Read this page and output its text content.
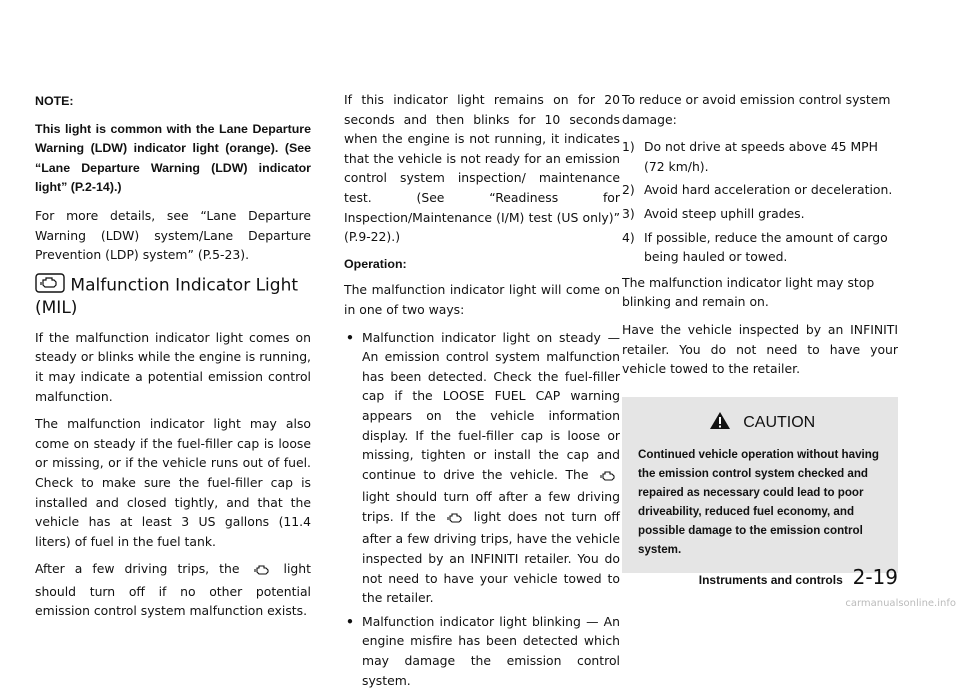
NOTE:

This light is common with the Lane Departure Warning (LDW) indicator light (orange). (See “Lane Departure Warning (LDW) indicator light” (P.2-14).)

For more details, see “Lane Departure Warning (LDW) system/Lane Departure Prevention (LDP) system” (P.5-23).

Malfunction Indicator Light (MIL)

If the malfunction indicator light comes on steady or blinks while the engine is running, it may indicate a potential emission control malfunction.

The malfunction indicator light may also come on steady if the fuel-filler cap is loose or missing, or if the vehicle runs out of fuel. Check to make sure the fuel-filler cap is installed and closed tightly, and that the vehicle has at least 3 US gallons (11.4 liters) of fuel in the fuel tank.

After a few driving trips, the	light should turn off if no other potential emission control system malfunction exists.

If this indicator light remains on for 20 seconds and then blinks for 10 seconds when the engine is not running, it indicates that the vehicle is not ready for an emission control system inspection/ maintenance test. (See “Readiness for Inspection/Maintenance (I/M) test (US only)” (P.9-22).)

Operation:

The malfunction indicator light will come on in one of two ways:

• Malfunction indicator light on steady — An emission control system malfunction has been detected. Check the fuel-filler cap if the LOOSE FUEL CAP warning appears on the vehicle information display. If the fuel-filler cap is loose or missing, tighten or install the cap and continue to drive the vehicle. The  light should turn off after a few driving trips. If the	light does not turn off after a few driving trips, have the vehicle inspected by an INFINITI retailer. You do not need to have your vehicle towed to the retailer.
• Malfunction indicator light blinking — An engine misfire has been detected which may damage the emission control system.

To reduce or avoid emission control system damage:

1) Do not drive at speeds above 45 MPH (72 km/h).
2) Avoid hard acceleration or deceleration.
3) Avoid steep uphill grades.
4) If possible, reduce the amount of cargo being hauled or towed.

The malfunction indicator light may stop blinking and remain on.

Have the vehicle inspected by an INFINITI retailer. You do not need to have your vehicle towed to the retailer.

CAUTION
Continued vehicle operation without having the emission control system checked and repaired as necessary could lead to poor driveability, reduced fuel economy, and possible damage to the emission control system.
Instruments and controls 2-19
carmanualsonline.info
